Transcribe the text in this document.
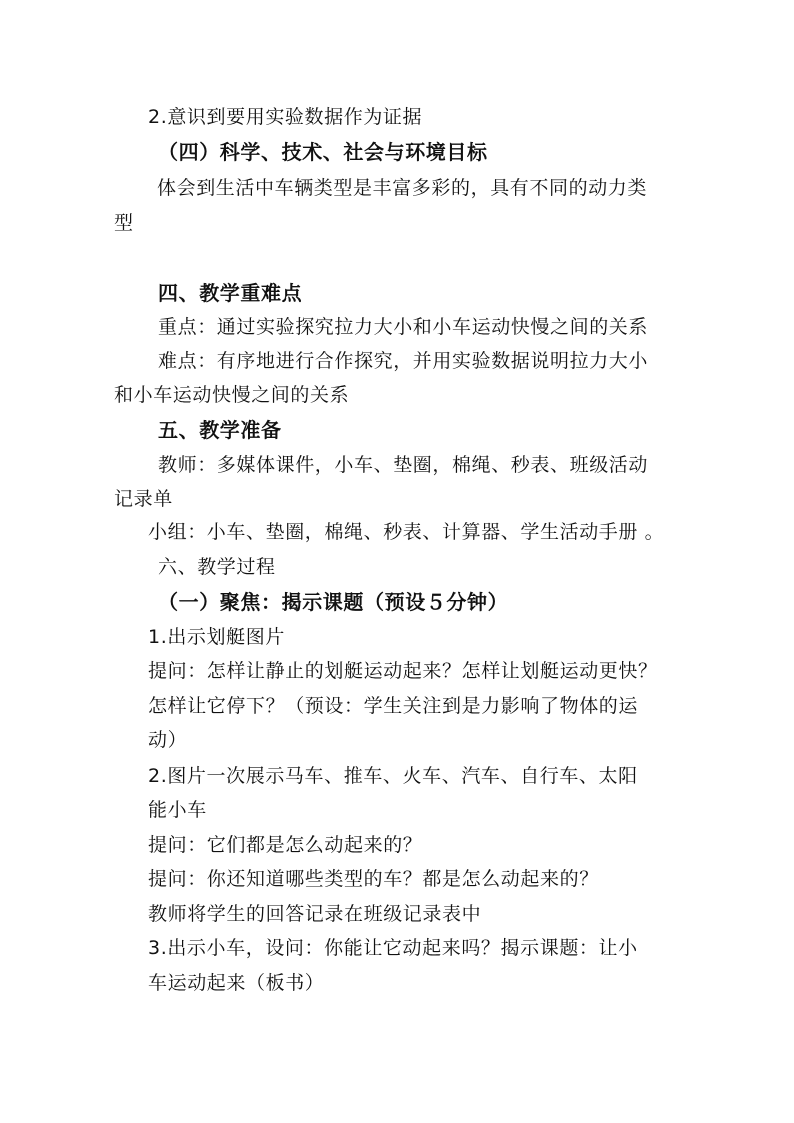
2.意识到要用实验数据作为证据
（四）科学、技术、社会与环境目标
体会到生活中车辆类型是丰富多彩的，具有不同的动力类
型
四、教学重难点
重点：通过实验探究拉力大小和小车运动快慢之间的关系
难点：有序地进行合作探究，并用实验数据说明拉力大小
和小车运动快慢之间的关系
五、教学准备
教师：多媒体课件，小车、垫圈，棉绳、秒表、班级活动
记录单
小组：小车、垫圈，棉绳、秒表、计算器、学生活动手册 。
六、教学过程
（一）聚焦：揭示课题（预设５分钟）
1.出示划艇图片
提问：怎样让静止的划艇运动起来？怎样让划艇运动更快？
怎样让它停下？（预设：学生关注到是力影响了物体的运
动）
2.图片一次展示马车、推车、火车、汽车、自行车、太阳
能小车
提问：它们都是怎么动起来的？
提问：你还知道哪些类型的车？都是怎么动起来的？
教师将学生的回答记录在班级记录表中
3.出示小车，设问：你能让它动起来吗？揭示课题：让小
车运动起来（板书）
